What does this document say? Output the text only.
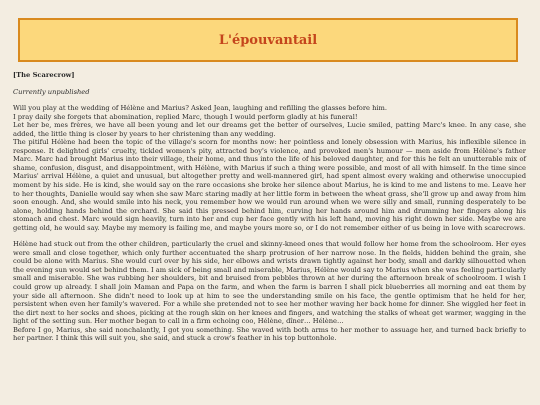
L'épouvantail
[The Scarecrow]
Currently unpublished

Will you play at the wedding of Hélène and Marius? Asked Jean, laughing and refilling the glasses before him.

I pray daily she forgets that abomination, replied Marc, though I would perform gladly at his funeral!

Let her be, mes frères, we have all been young and let our dreams get the better of ourselves, Lucie smiled, patting Marc's knee. In any case, she added, the little thing is closer by years to her christening than any wedding.

The pitiful Hélène had been the topic of the village's scorn for months now: her pointless and lonely obsession with Marius, his inflexible silence in response. It delighted girls' cruelty, tickled women's pity, attracted boy's violence, and provoked men's humour — men aside from Hélène's father Marc. Marc had brought Marius into their village, their home, and thus into the life of his beloved daughter, and for this he felt an unutterable mix of shame, confusion, disgust, and disappointment, with Hélène, with Marius if such a thing were possible, and most of all with himself. In the time since Marius' arrival Hélène, a quiet and unusual, but altogether pretty and well-mannered girl, had spent almost every waking and otherwise unoccupied moment by his side. He is kind, she would say on the rare occasions she broke her silence about Marius, he is kind to me and listens to me. Leave her to her thoughts, Danielle would say when she saw Marc staring madly at her little form in between the wheat grass, she'll grow up and away from him soon enough. And, she would smile into his neck, you remember how we would run around when we were silly and small, running desperately to be alone, holding hands behind the orchard. She said this pressed behind him, curving her hands around him and drumming her fingers along his stomach and chest. Marc would sign heavily, turn into her and cup her face gently with his left hand, moving his right down her side. Maybe we are getting old, he would say. Maybe my memory is failing me, and maybe yours more so, or I do not remember either of us being in love with scarecrows.

Hélène had stuck out from the other children, particularly the cruel and skinny-kneed ones that would follow her home from the schoolroom. Her eyes were small and close together, which only further accentuated the sharp protrusion of her narrow nose. In the fields, hidden behind the grain, she could be alone with Marius. She would curl over by his side, her elbows and wrists drawn tightly against her body, small and darkly silhouetted when the evening sun would set behind them. I am sick of being small and miserable, Marius, Hélène would say to Marius when she was feeling particularly small and miserable. She was rubbing her shoulders, bit and bruised from pebbles thrown at her during the afternoon break of schoolroom. I wish I could grow up already. I shall join Maman and Papa on the farm, and when the farm is barren I shall pick blueberries all morning and eat them by your side all afternoon. She didn't need to look up at him to see the understanding smile on his face, the gentle optimism that he held for her, persistent when even her family's wavered. For a while she pretended not to see her mother waving her back home for dinner. She wiggled her feet in the dirt next to her socks and shoes, picking at the rough skin on her knees and fingers, and watching the stalks of wheat get warmer, wagging in the light of the setting sun. Her mother began to call in a firm echoing coo, Hélène, dîner… Hélène…

Before I go, Marius, she said nonchalantly, I got you something. She waved with both arms to her mother to assuage her, and turned back briefly to her partner. I think this will suit you, she said, and stuck a crow's feather in his top buttonhole.
